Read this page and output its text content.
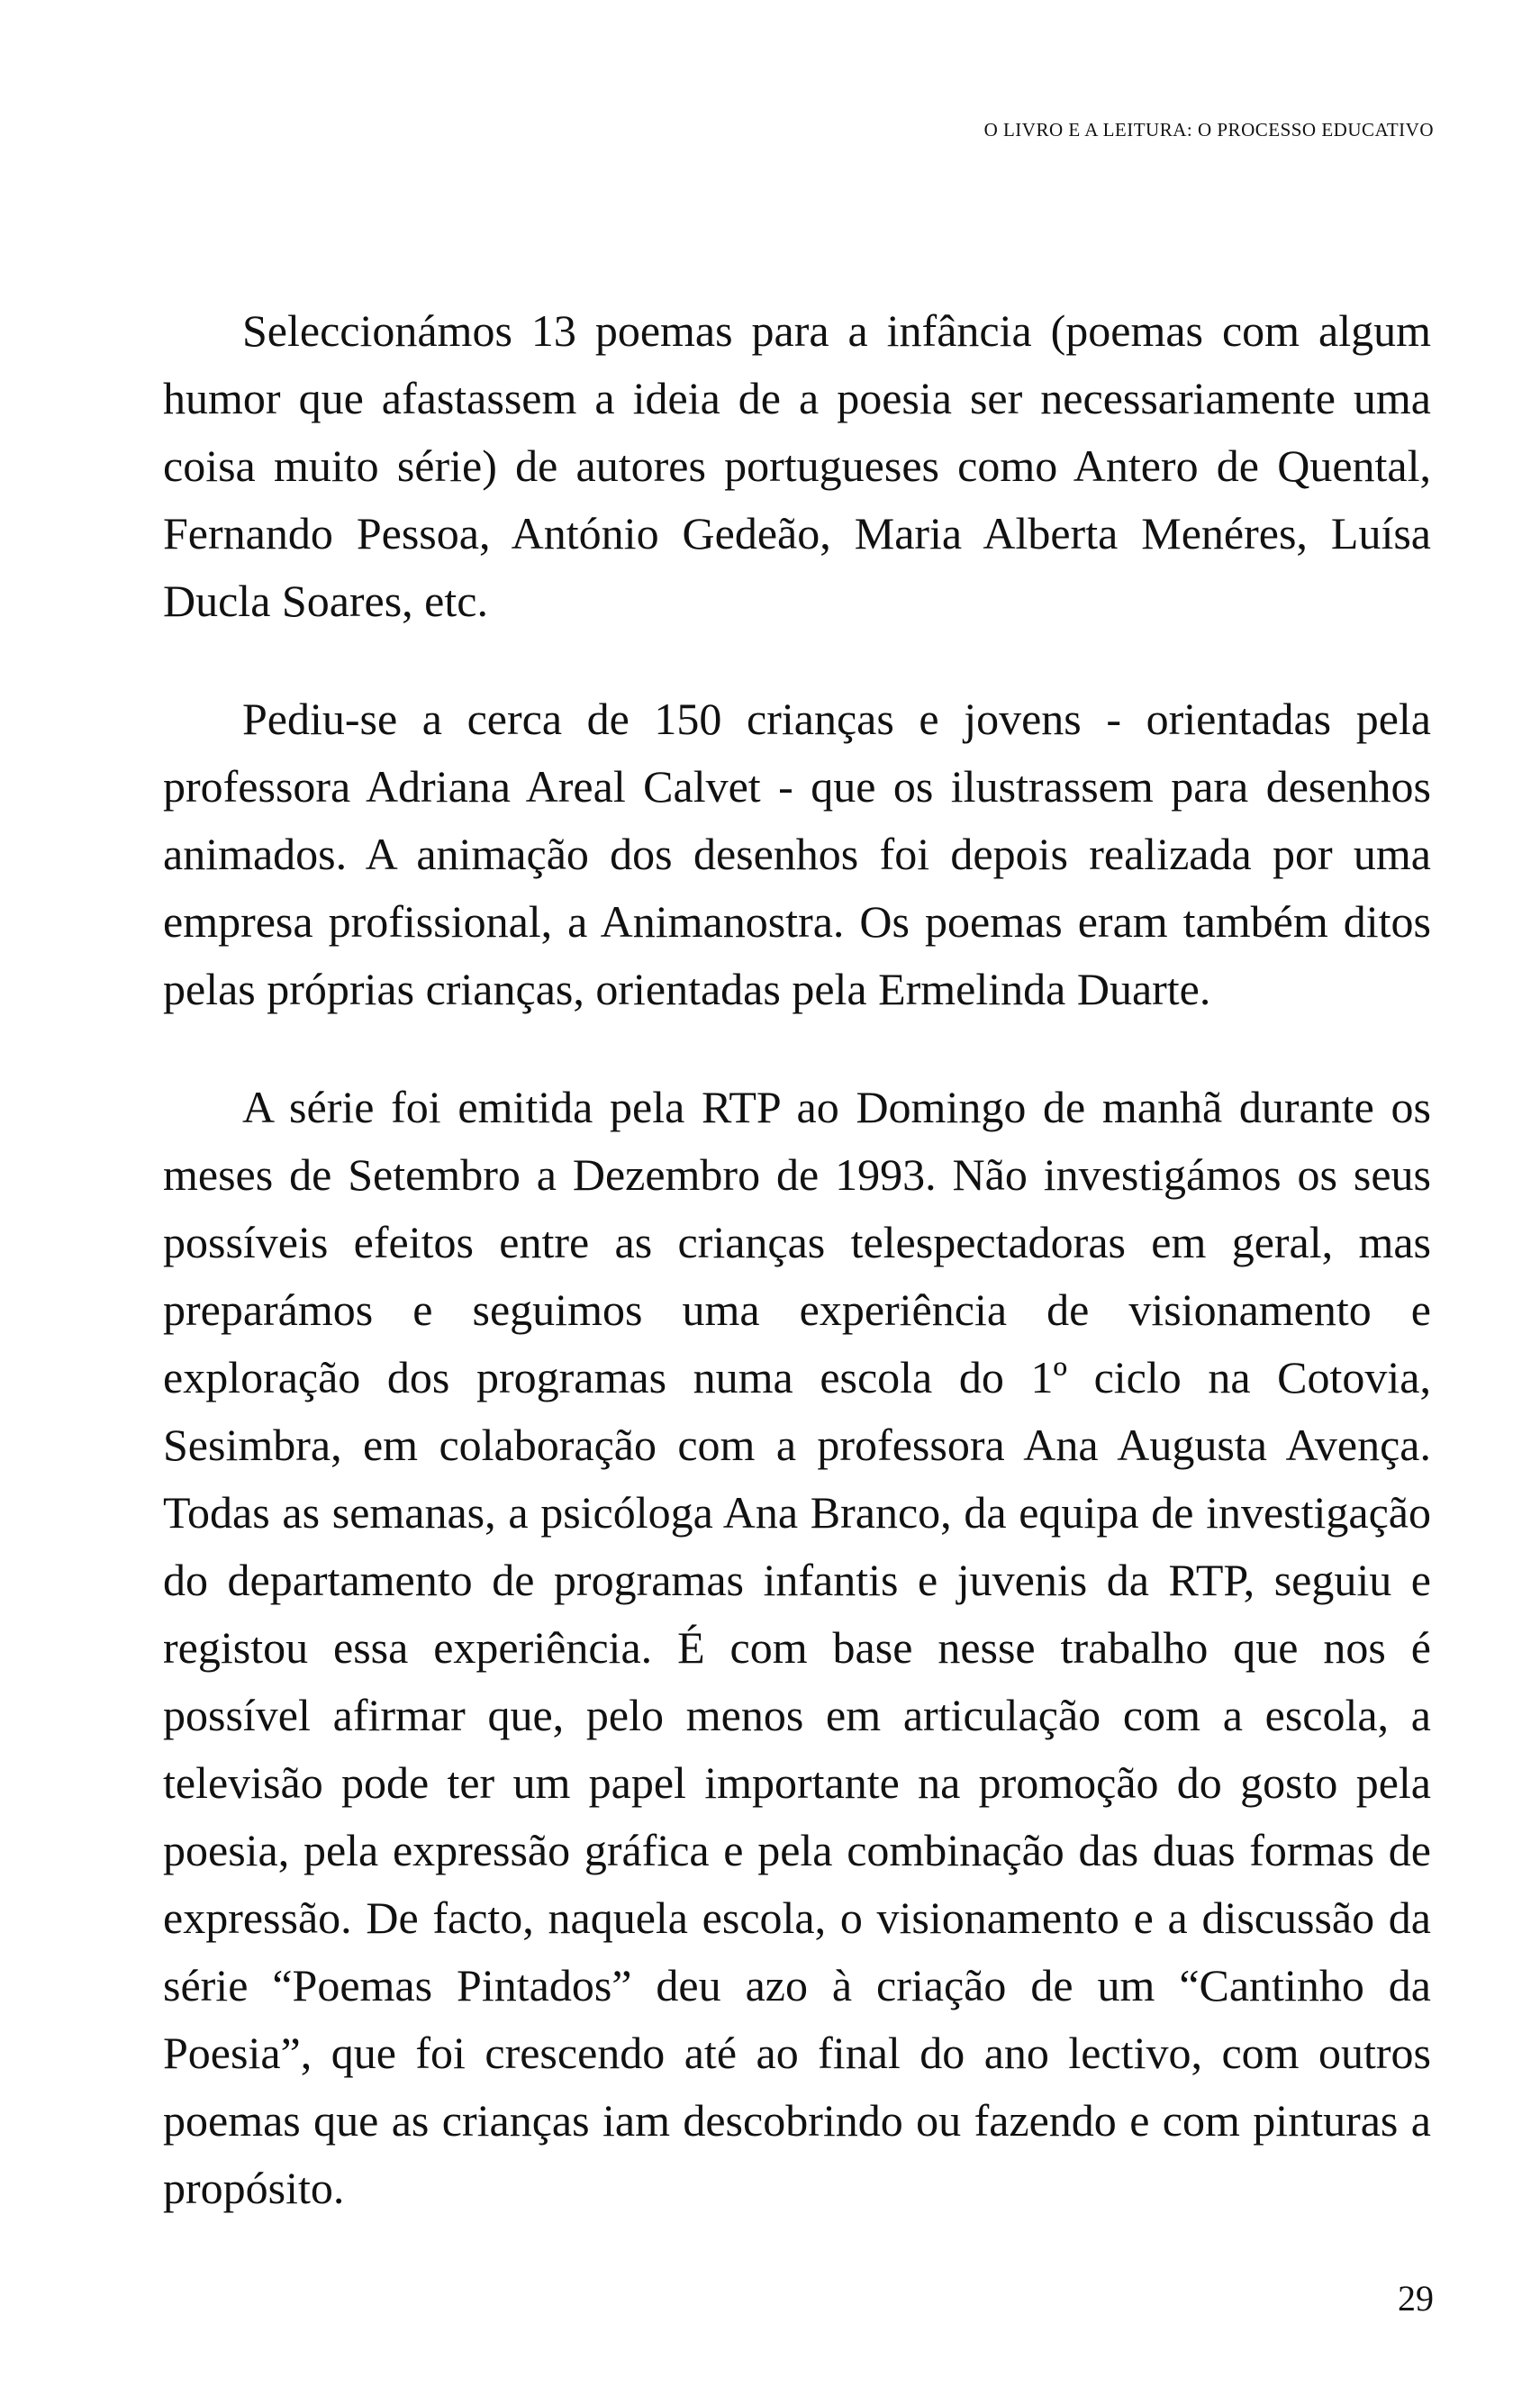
O LIVRO E A LEITURA: O PROCESSO EDUCATIVO

Seleccionámos 13 poemas para a infância (poemas com algum humor que afastassem a ideia de a poesia ser necessariamente uma coisa muito série) de autores portugueses como Antero de Quental, Fernando Pessoa, António Gedeão, Maria Alberta Menéres, Luísa Ducla Soares, etc.

Pediu-se a cerca de 150 crianças e jovens - orientadas pela professora Adriana Areal Calvet - que os ilustrassem para desenhos animados. A animação dos desenhos foi depois realizada por uma empresa profissional, a Animanostra. Os poemas eram também ditos pelas próprias crianças, orientadas pela Ermelinda Duarte.

A série foi emitida pela RTP ao Domingo de manhã durante os meses de Setembro a Dezembro de 1993. Não investigámos os seus possíveis efeitos entre as crianças telespectadoras em geral, mas preparámos e seguimos uma experiência de visionamento e exploração dos programas numa escola do 1º ciclo na Cotovia, Sesimbra, em colaboração com a professora Ana Augusta Avença. Todas as semanas, a psicóloga Ana Branco, da equipa de investigação do departamento de programas infantis e juvenis da RTP, seguiu e registou essa experiência. É com base nesse trabalho que nos é possível afirmar que, pelo menos em articulação com a escola, a televisão pode ter um papel importante na promoção do gosto pela poesia, pela expressão gráfica e pela combinação das duas formas de expressão. De facto, naquela escola, o visionamento e a discussão da série “Poemas Pintados” deu azo à criação de um “Cantinho da Poesia”, que foi crescendo até ao final do ano lectivo, com outros poemas que as crianças iam descobrindo ou fazendo e com pinturas a propósito.

29
